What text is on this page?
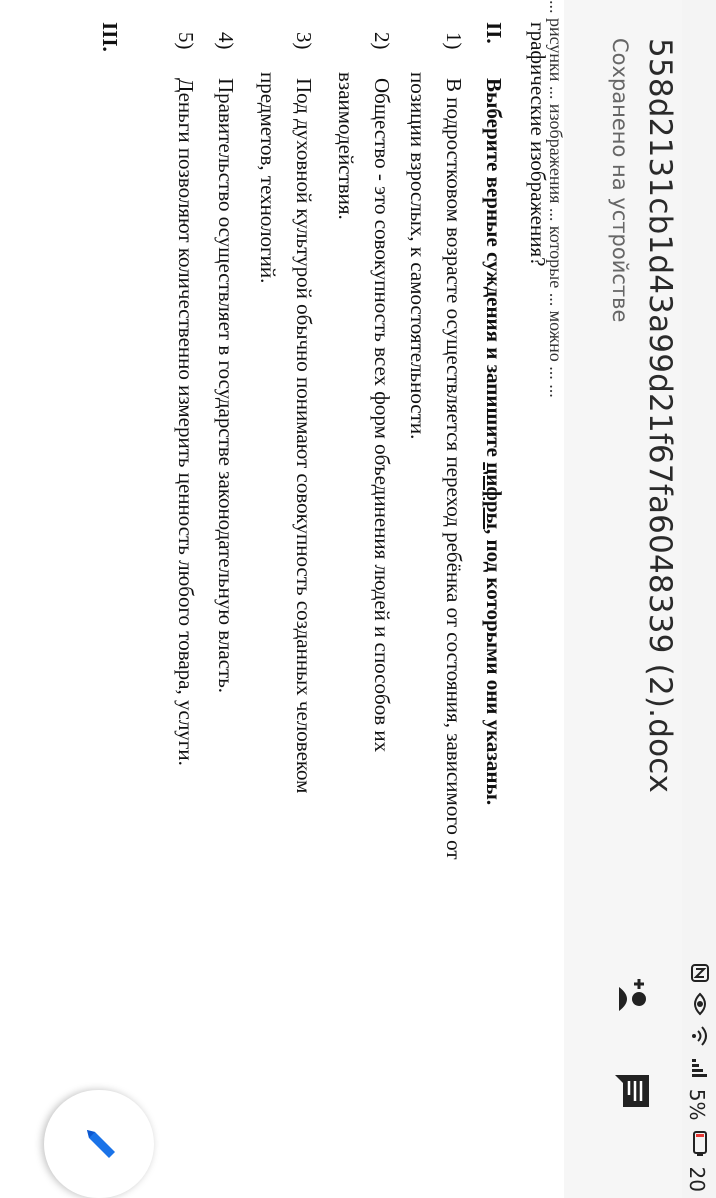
5%
20
558d2131cb1d43a99d21f67fa6048339 (2).docx
Сохранено на устройстве
... рисунки ... изображения ... которые ... можно ... ...
графические изображения?
II.
Выберите верные суждения и запишите цифры, под которыми они указаны.
1)
В подростковом возрасте осуществляется переход ребёнка от состояния, зависимого от
позиции взрослых, к самостоятельности.
2)
Общество - это совокупность всех форм объединения людей и способов их
взаимодействия.
3)
Под духовной культурой обычно понимают совокупность созданных человеком
предметов, технологий.
4)
Правительство осуществляет в государстве законодательную власть.
5)
Деньги позволяют количественно измерить ценность любого товара, услуги.
III.
